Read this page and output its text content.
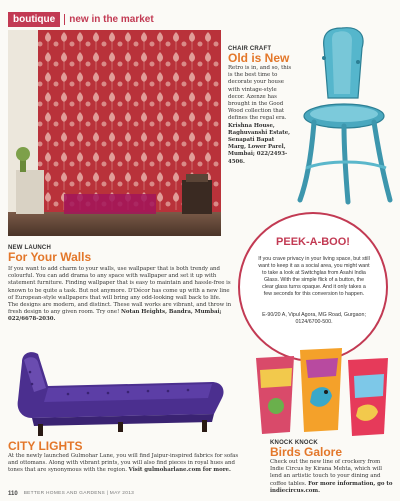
boutique	new in the market
CHAIR CRAFT
Old is New
Retro is in, and so, this is the best time to decorate your house with vintage-style decor. Azenze has brought in the Good Wood collection that defines the regal era. Krishna House, Raghuvanshi Estate, Senapati Bapat Marg, Lower Parel, Mumbai; 022/2493-4506.
PEEK-A-BOO!
If you crave privacy in your living space, but still want to keep it as a social area, you might want to take a look at Switchglas from Asahi India Glass. With the simple flick of a button, the clear glass turns opaque. And it only takes a few seconds for this conversion to happen.
E-90/20 A, Vipul Agora, MG Road, Gurgaon; 0124/6700-500.
NEW LAUNCH
For Your Walls
If you want to add charm to your walls, use wallpaper that is both trendy and colourful. You can add drama to any space with wallpaper and set it up with statement furniture. Finding wallpaper that is easy to maintain and hassle-free is known to be quite a task. But not anymore. D'Décor has come up with a new line of European-style wallpapers that will bring any odd-looking wall back to life. The designs are modern, and distinct. These wall works are vibrant, and throw in fresh design to any given room. Try one! Notan Heights, Bandra, Mumbai; 022/6678-2030.
CITY LIGHTS
At the newly launched Gulmohar Lane, you will find Jaipur-inspired fabrics for sofas and ottomans. Along with vibrant prints, you will also find pieces in royal hues and tones that are synonymous with the region. Visit gulmoharlane.com for more.
KNOCK KNOCK
Birds Galore
Check out the new line of crockery from Indie Circus by Kirana Mehta, which will lend an artistic touch to your dining and coffee tables. For more information, go to indiecircus.com.
110 BETTER HOMES AND GARDENS | MAY 2013
